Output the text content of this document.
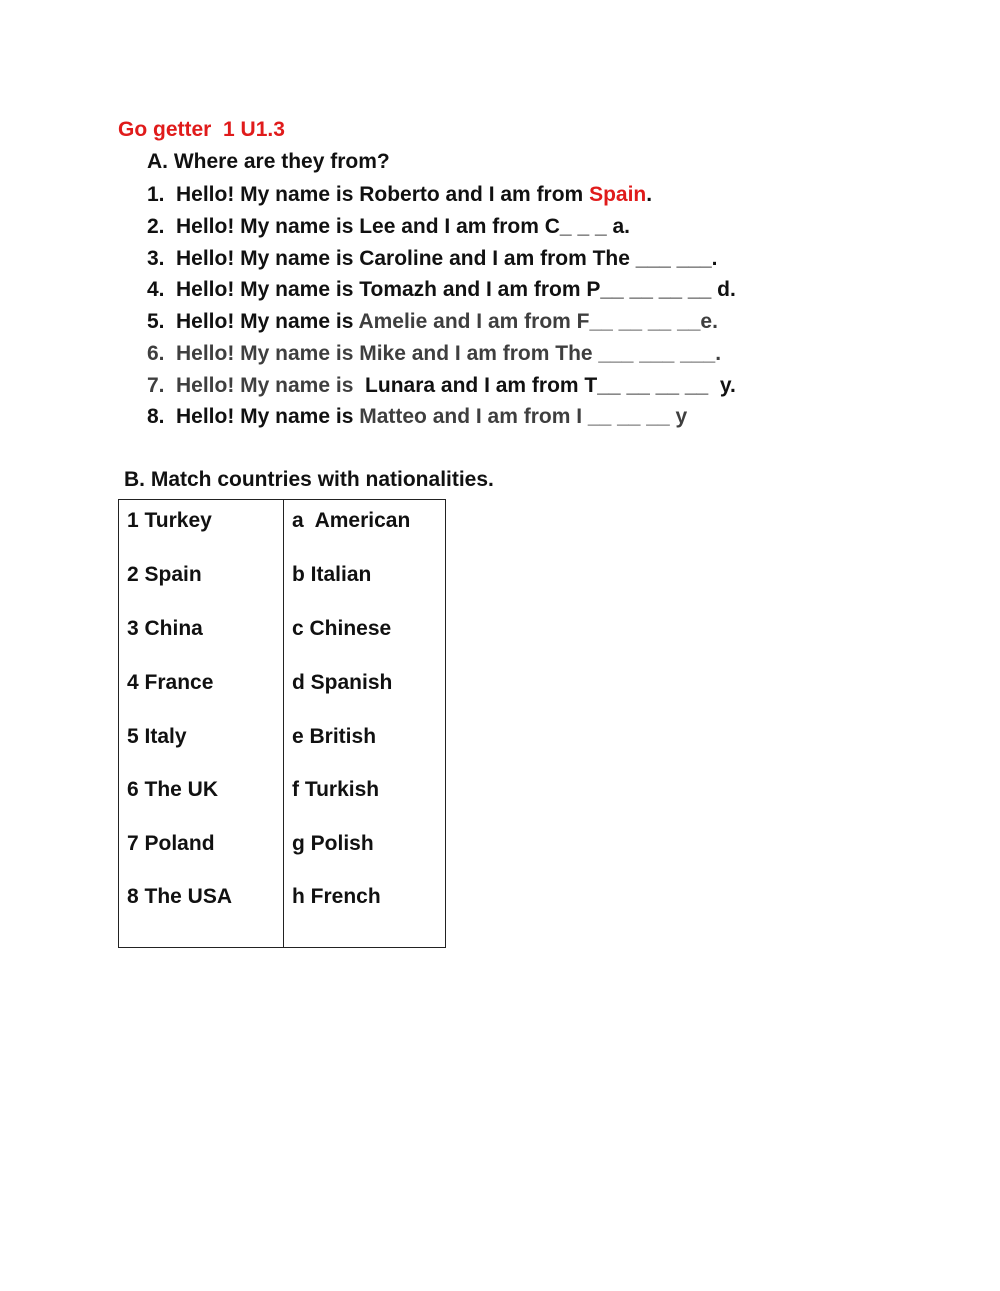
Go getter  1 U1.3
A. Where are they from?
1. Hello! My name is Roberto and I am from Spain.
2. Hello! My name is Lee and I am from C_ _ _ a.
3. Hello! My name is Caroline and I am from The ___ ___.
4. Hello! My name is Tomazh and I am from P__ __ __ __ d.
5. Hello! My name is Amelie and I am from F__ __ __ __e.
6. Hello! My name is Mike and I am from The ___ ___ ___.
7. Hello! My name is  Lunara and I am from T__ __ __ __  y.
8. Hello! My name is Matteo and I am from I __ __ __ y
B. Match countries with nationalities.
1 Turkey
2 Spain
3 China
4 France
5 Italy
6 The UK
7 Poland
8 The USA
a  American
b Italian
c Chinese
d Spanish
e British
f Turkish
g Polish
h French
